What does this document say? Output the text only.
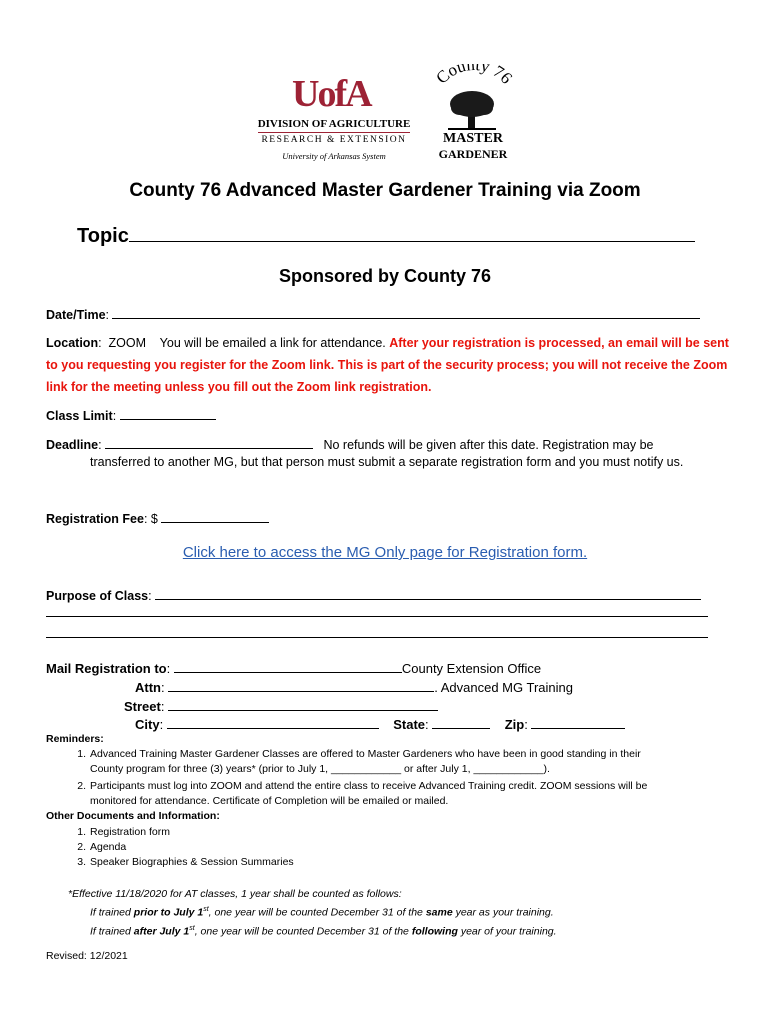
UofA
DIVISION OF AGRICULTURE
RESEARCH & EXTENSION
University of Arkansas System
County 76
MASTER
GARDENER
County 76 Advanced Master Gardener Training via Zoom
Topic
Sponsored by County 76
Date/Time:
Location:  ZOOM    You will be emailed a link for attendance. After your registration is processed, an email will be sent to you requesting you register for the Zoom link. This is part of the security process; you will not receive the Zoom link for the meeting unless you fill out the Zoom link registration.
Class Limit:
Deadline:	No refunds will be given after this date. Registration may be
transferred to another MG, but that person must submit a separate registration form and you must notify us.
Registration Fee: $
Click here to access the MG Only page for Registration form.
Purpose of Class:
Mail Registration to:	County Extension Office
Attn:	. Advanced MG Training
Street:
City:	State:	Zip:
Reminders:
1. Advanced Training Master Gardener Classes are offered to Master Gardeners who have been in good standing in their
County program for three (3) years* (prior to July 1, ____________ or after July 1, ____________).
2. Participants must log into ZOOM and attend the entire class to receive Advanced Training credit. ZOOM sessions will be
monitored for attendance. Certificate of Completion will be emailed or mailed.
Other Documents and Information:
1. Registration form
2. Agenda
3. Speaker Biographies & Session Summaries
*Effective 11/18/2020 for AT classes, 1 year shall be counted as follows:
If trained prior to July 1st, one year will be counted December 31 of the same year as your training.
If trained after July 1st, one year will be counted December 31 of the following year of your training.
Revised: 12/2021
